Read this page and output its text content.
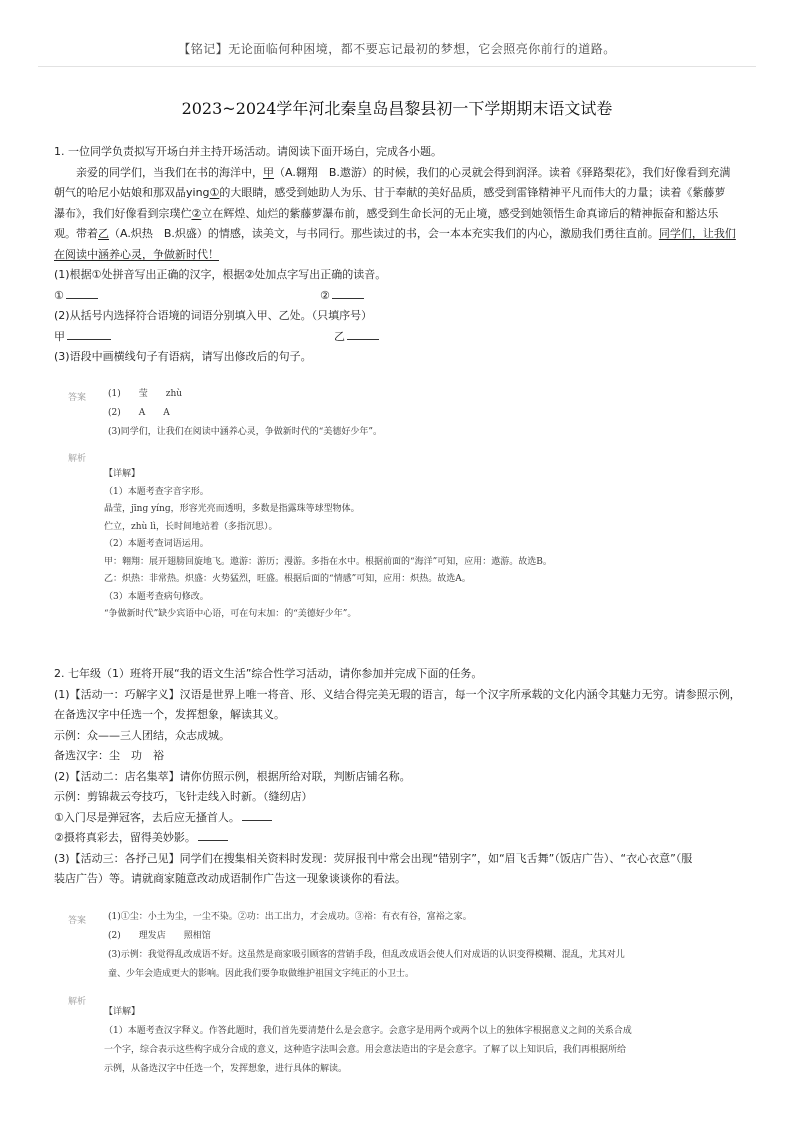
【铭记】无论面临何种困境，都不要忘记最初的梦想，它会照亮你前行的道路。
2023~2024学年河北秦皇岛昌黎县初一下学期期末语文试卷
1. 一位同学负责拟写开场白并主持开场活动。请阅读下面开场白，完成各小题。
亲爱的同学们，当我们在书的海洋中，甲（A.翱翔　B.遨游）的时候，我们的心灵就会得到润泽。读着《驿路梨花》，我们好像看到充满
朝气的哈尼小姑娘和那双晶ying①的大眼睛，感受到她助人为乐、甘于奉献的美好品质，感受到雷锋精神平凡而伟大的力量；读着《紫藤萝
瀑布》，我们好像看到宗璞伫②立在辉煌、灿烂的紫藤萝瀑布前，感受到生命长河的无止境，感受到她领悟生命真谛后的精神振奋和豁达乐
观。带着乙（A.炽热　B.炽盛）的情感，读美文，与书同行。那些读过的书，会一本本充实我们的内心，激励我们勇往直前。同学们，让我们
在阅读中涵养心灵，争做新时代！
(1)根据①处拼音写出正确的汉字，根据②处加点字写出正确的读音。
①	②
(2)从括号内选择符合语境的词语分别填入甲、乙处。（只填序号）
甲	乙
(3)语段中画横线句子有语病，请写出修改后的句子。
答案 (1)　　莹　　zhù
(2)　　A　　A
(3)同学们，让我们在阅读中涵养心灵，争做新时代的“美德好少年”。
解析
【详解】
（1）本题考查字音字形。
晶莹，jīnɡ yínɡ，形容光亮而透明，多数是指露珠等球型物体。
伫立，zhù lì，长时间地站着（多指沉思）。
（2）本题考查词语运用。
甲：翱翔：展开翅膀回旋地飞。遨游：游历；漫游。多指在水中。根据前面的“海洋”可知，应用：遨游。故选B。
乙：炽热：非常热。炽盛：火势猛烈，旺盛。根据后面的“情感”可知，应用：炽热。故选A。
（3）本题考查病句修改。
“争做新时代”缺少宾语中心语，可在句末加：的“美德好少年”。
2. 七年级（1）班将开展“我的语文生活”综合性学习活动，请你参加并完成下面的任务。
(1)【活动一：巧解字义】汉语是世界上唯一将音、形、义结合得完美无瑕的语言，每一个汉字所承载的文化内涵令其魅力无穷。请参照示例，
在备选汉字中任选一个，发挥想象，解读其义。
示例：众——三人团结，众志成城。
备选汉字：尘　功　裕
(2)【活动二：店名集萃】请你仿照示例，根据所给对联，判断店铺名称。
示例：剪锦裁云夸技巧，飞针走线入时新。（缝纫店）
①入门尽是弹冠客，去后应无搔首人。
②摄将真彩去，留得美妙影。
(3)【活动三：各抒己见】同学们在搜集相关资料时发现：荧屏报刊中常会出现“错别字”，如“眉飞舌舞”（饭店广告）、“衣心衣意”（服
装店广告）等。请就商家随意改动成语制作广告这一现象谈谈你的看法。
答案 (1)①尘：小土为尘，一尘不染。②功：出工出力，才会成功。③裕：有衣有谷，富裕之家。
(2)　　理发店　　照相馆
(3)示例：我觉得乱改成语不好。这虽然是商家吸引顾客的营销手段，但乱改成语会使人们对成语的认识变得模糊、混乱，尤其对儿
童、少年会造成更大的影响。因此我们要争取做维护祖国文字纯正的小卫士。
解析
【详解】
（1）本题考查汉字释义。作答此题时，我们首先要清楚什么是会意字。会意字是用两个或两个以上的独体字根据意义之间的关系合成
一个字，综合表示这些构字成分合成的意义，这种造字法叫会意。用会意法造出的字是会意字。了解了以上知识后，我们再根据所给
示例，从备选汉字中任选一个，发挥想象，进行具体的解读。
